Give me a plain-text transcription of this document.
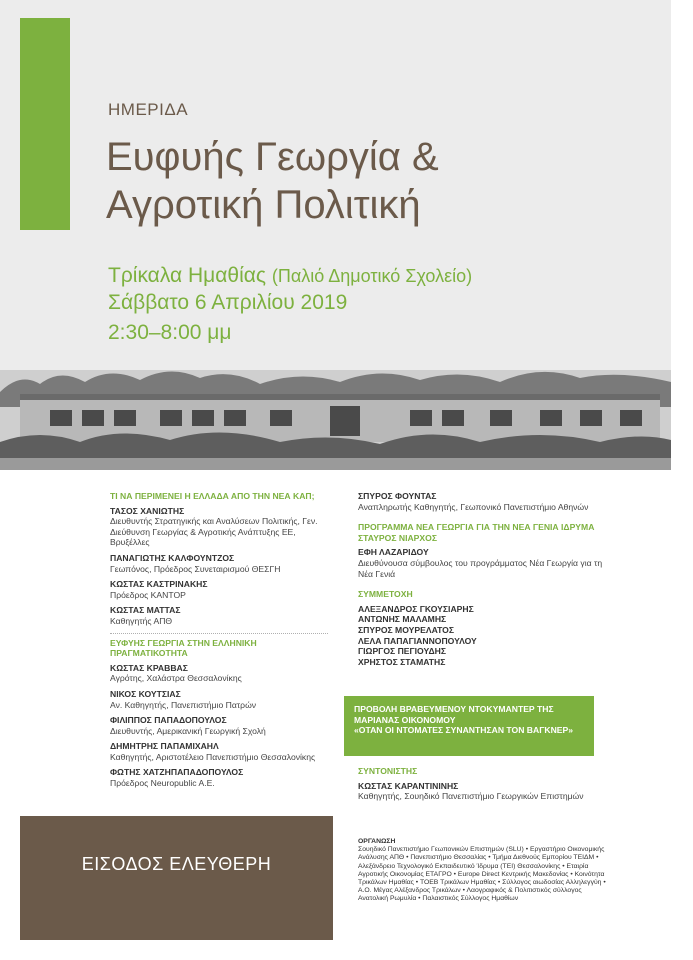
ΗΜΕΡΙΔΑ
Ευφυής Γεωργία &
Αγροτική Πολιτική
Τρίκαλα Ημαθίας (Παλιό Δημοτικό Σχολείο)
Σάββατο 6 Απριλίου 2019
2:30–8:00 μμ
ΤΙ ΝΑ ΠΕΡΙΜΕΝΕΙ Η ΕΛΛΑΔΑ ΑΠΟ ΤΗΝ ΝΕΑ ΚΑΠ;
ΤΑΣΟΣ ΧΑΝΙΩΤΗΣ
Διευθυντής Στρατηγικής και Αναλύσεων Πολιτικής, Γεν. Διεύθυνση Γεωργίας & Αγροτικής Ανάπτυξης ΕΕ, Βρυξέλλες
ΠΑΝΑΓΙΩΤΗΣ ΚΑΛΦΟΥΝΤΖΟΣ
Γεωπόνος, Πρόεδρος Συνεταιρισμού ΘΕΣΓΗ
ΚΩΣΤΑΣ ΚΑΣΤΡΙΝΑΚΗΣ
Πρόεδρος ΚΑΝΤΟΡ
ΚΩΣΤΑΣ ΜΑΤΤΑΣ
Καθηγητής ΑΠΘ
ΕΥΦΥΗΣ ΓΕΩΡΓΙΑ ΣΤΗΝ ΕΛΛΗΝΙΚΗ ΠΡΑΓΜΑΤΙΚΟΤΗΤΑ
ΚΩΣΤΑΣ ΚΡΑΒΒΑΣ
Αγρότης, Χαλάστρα Θεσσαλονίκης
ΝΙΚΟΣ ΚΟΥΤΣΙΑΣ
Αν. Καθηγητής, Πανεπιστήμιο Πατρών
ΦΙΛΙΠΠΟΣ ΠΑΠΑΔΟΠΟΥΛΟΣ
Διευθυντής, Αμερικανική Γεωργική Σχολή
ΔΗΜΗΤΡΗΣ ΠΑΠΑΜΙΧΑΗΛ
Καθηγητής, Αριστοτέλειο Πανεπιστήμιο Θεσσαλονίκης
ΦΩΤΗΣ ΧΑΤΖΗΠΑΠΑΔΟΠΟΥΛΟΣ
Πρόεδρος Neuropublic A.E.
ΣΠΥΡΟΣ ΦΟΥΝΤΑΣ
Αναπληρωτής Καθηγητής, Γεωπονικό Πανεπιστήμιο Αθηνών
ΠΡΟΓΡΑΜΜΑ ΝΕΑ ΓΕΩΡΓΙΑ ΓΙΑ ΤΗΝ ΝΕΑ ΓΕΝΙΑ ΙΔΡΥΜΑ ΣΤΑΥΡΟΣ ΝΙΑΡΧΟΣ
ΕΦΗ ΛΑΖΑΡΙΔΟΥ
Διευθύνουσα σύμβουλος του προγράμματος Νέα Γεωργία για τη Νέα Γενιά
ΣΥΜΜΕΤΟΧΗ
ΑΛΕΞΑΝΔΡΟΣ ΓΚΟΥΣΙΑΡΗΣ
ΑΝΤΩΝΗΣ ΜΑΛΑΜΗΣ
ΣΠΥΡΟΣ ΜΟΥΡΕΛΑΤΟΣ
ΛΕΛΑ ΠΑΠΑΓΙΑΝΝΟΠΟΥΛΟΥ
ΓΙΩΡΓΟΣ ΠΕΓΙΟΥΔΗΣ
ΧΡΗΣΤΟΣ ΣΤΑΜΑΤΗΣ
ΠΡΟΒΟΛΗ ΒΡΑΒΕΥΜΕΝΟΥ ΝΤΟΚΥΜΑΝΤΕΡ ΤΗΣ
ΜΑΡΙΑΝΑΣ ΟΙΚΟΝΟΜΟΥ
«ΟΤΑΝ ΟΙ ΝΤΟΜΑΤΕΣ ΣΥΝΑΝΤΗΣΑΝ ΤΟΝ ΒΑΓΚΝΕΡ»
ΣΥΝΤΟΝΙΣΤΗΣ
ΚΩΣΤΑΣ ΚΑΡΑΝΤΙΝΙΝΗΣ
Καθηγητής, Σουηδικό Πανεπιστήμιο Γεωργικών Επιστημών
ΕΙΣΟΔΟΣ ΕΛΕΥΘΕΡΗ
ΟΡΓΑΝΩΣΗ
Σουηδικό Πανεπιστήμιο Γεωπονικών Επιστημών (SLU) • Εργαστήριο Οικονομικής Ανάλυσης ΑΠΘ • Πανεπιστήμιο Θεσσαλίας • Τμήμα Διεθνούς Εμπορίου ΤΕΙΔΜ • Αλεξάνδρειο Τεχνολογικό Εκπαιδευτικό Ίδρυμα (ΤΕΙ) Θεσσαλονίκης • Εταιρία Αγροτικής Οικονομίας ΕΤΑΓΡΟ • Europe Direct Κεντρικής Μακεδονίας • Κοινότητα Τρικάλων Ημαθίας • ΤΟΕΒ Τρικάλων Ημαθίας • Σύλλογος αιωδοσίας Αλληλεγγύη • Α.Ο. Μέγας Αλέξανδρος Τρικάλων • Λαογραφικός & Πολιτιστικός σύλλογος Ανατολική Ρωμυλία • Παλαιστικός Σύλλογος Ημαθίων
